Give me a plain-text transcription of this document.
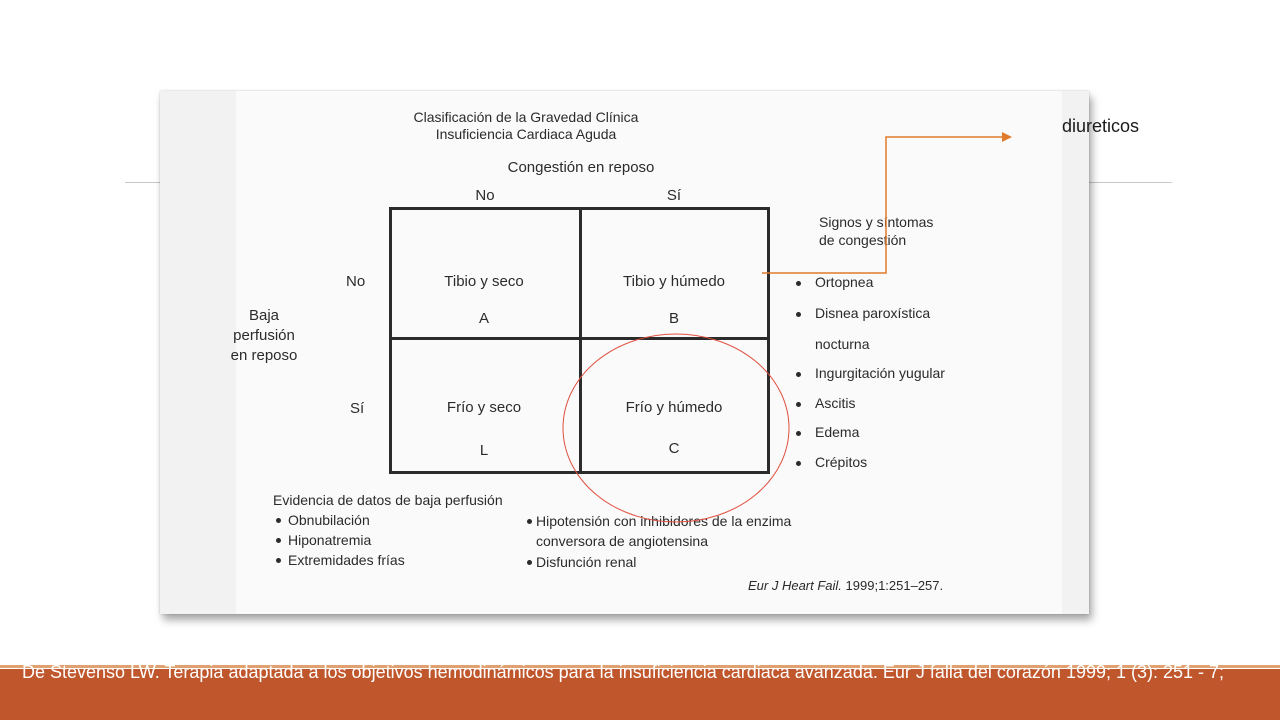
Clasificación de la Gravedad Clínica
Insuficiencia Cardiaca Aguda
Congestión en reposo
No	Sí
Baja
perfusión
en reposo
No
Sí
Tibio y seco
A
Tibio y húmedo
B
Frío y seco
L
Frío y húmedo
C
Signos y síntomas
de congestión
Ortopnea
Disnea paroxística
nocturna
Ingurgitación yugular
Ascitis
Edema
Crépitos
Evidencia de datos de baja perfusión
Obnubilación
Hiponatremia
Extremidades frías
Hipotensión con inhibidores de la enzima
conversora de angiotensina
Disfunción renal
Eur J Heart Fail. 1999;1:251–257.
diureticos
De Stevenso LW. Terapia adaptada a los objetivos hemodinámicos para la insuficiencia cardiaca avanzada. Eur J falla del corazón 1999; 1 (3): 251 - 7;
